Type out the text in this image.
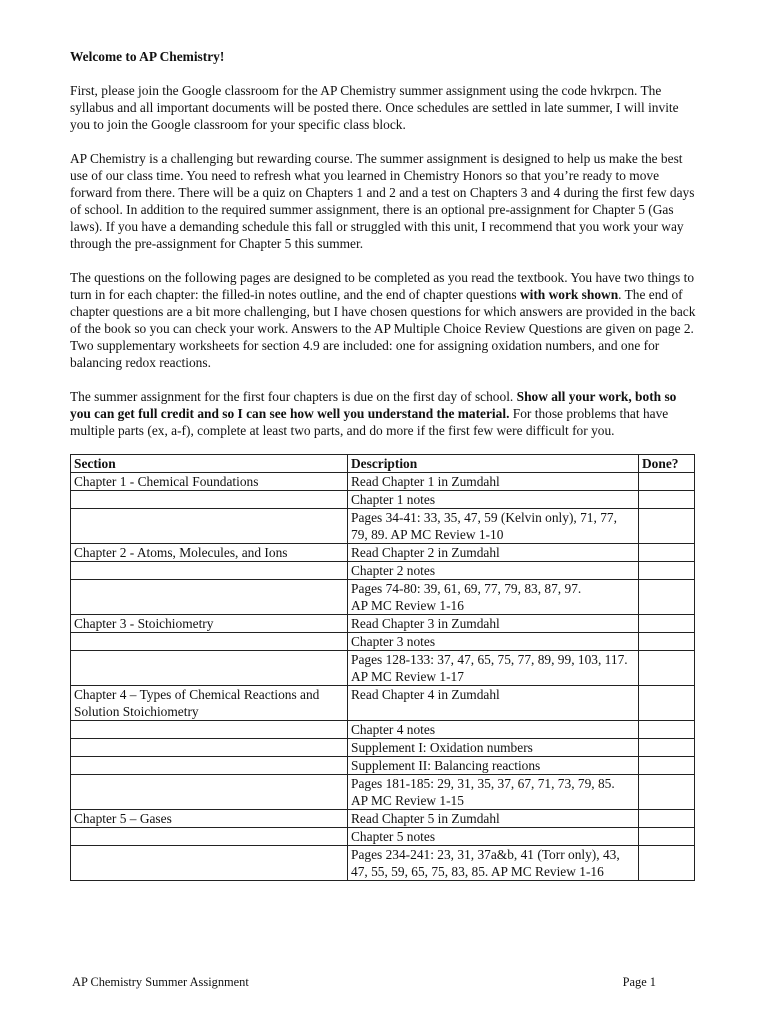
Welcome to AP Chemistry!

First, please join the Google classroom for the AP Chemistry summer assignment using the code hvkrpcn. The syllabus and all important documents will be posted there. Once schedules are settled in late summer, I will invite you to join the Google classroom for your specific class block.

AP Chemistry is a challenging but rewarding course. The summer assignment is designed to help us make the best use of our class time. You need to refresh what you learned in Chemistry Honors so that you’re ready to move forward from there. There will be a quiz on Chapters 1 and 2 and a test on Chapters 3 and 4 during the first few days of school. In addition to the required summer assignment, there is an optional pre-assignment for Chapter 5 (Gas laws). If you have a demanding schedule this fall or struggled with this unit, I recommend that you work your way through the pre-assignment for Chapter 5 this summer.

The questions on the following pages are designed to be completed as you read the textbook. You have two things to turn in for each chapter: the filled-in notes outline, and the end of chapter questions with work shown. The end of chapter questions are a bit more challenging, but I have chosen questions for which answers are provided in the back of the book so you can check your work. Answers to the AP Multiple Choice Review Questions are given on page 2. Two supplementary worksheets for section 4.9 are included: one for assigning oxidation numbers, and one for balancing redox reactions.

The summer assignment for the first four chapters is due on the first day of school. Show all your work, both so you can get full credit and so I can see how well you understand the material. For those problems that have multiple parts (ex, a-f), complete at least two parts, and do more if the first few were difficult for you.

Section	Description	Done?
Chapter 1 - Chemical Foundations	Read Chapter 1 in Zumdahl	
	Chapter 1 notes	
	Pages 34-41: 33, 35, 47, 59 (Kelvin only), 71, 77, 79, 89. AP MC Review 1-10	
Chapter 2 - Atoms, Molecules, and Ions	Read Chapter 2 in Zumdahl	
	Chapter 2 notes	
	Pages 74-80: 39, 61, 69, 77, 79, 83, 87, 97.
AP MC Review 1-16	
Chapter 3 - Stoichiometry	Read Chapter 3 in Zumdahl	
	Chapter 3 notes	
	Pages 128-133: 37, 47, 65, 75, 77, 89, 99, 103, 117. AP MC Review 1-17	
Chapter 4 – Types of Chemical Reactions and Solution Stoichiometry	Read Chapter 4 in Zumdahl	
	Chapter 4 notes	
	Supplement I: Oxidation numbers	
	Supplement II: Balancing reactions	
	Pages 181-185: 29, 31, 35, 37, 67, 71, 73, 79, 85.
AP MC Review 1-15	
Chapter 5 – Gases	Read Chapter 5 in Zumdahl	
	Chapter 5 notes	
	Pages 234-241: 23, 31, 37a&b, 41 (Torr only), 43, 47, 55, 59, 65, 75, 83, 85. AP MC Review 1-16	
AP Chemistry Summer Assignment	Page 1
